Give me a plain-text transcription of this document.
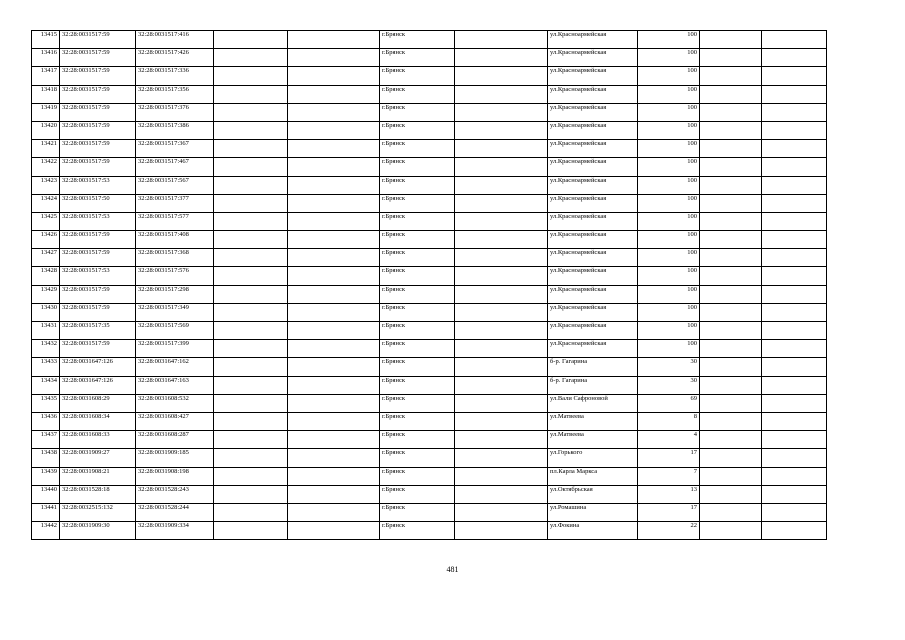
13415	32:28:0031517:59	32:28:0031517:416			г.Брянск		ул.Красноармейская	100		
13416	32:28:0031517:59	32:28:0031517:426			г.Брянск		ул.Красноармейская	100		
13417	32:28:0031517:59	32:28:0031517:336			г.Брянск		ул.Красноармейская	100		
13418	32:28:0031517:59	32:28:0031517:356			г.Брянск		ул.Красноармейская	100		
13419	32:28:0031517:59	32:28:0031517:376			г.Брянск		ул.Красноармейская	100		
13420	32:28:0031517:59	32:28:0031517:386			г.Брянск		ул.Красноармейская	100		
13421	32:28:0031517:59	32:28:0031517:367			г.Брянск		ул.Красноармейская	100		
13422	32:28:0031517:59	32:28:0031517:467			г.Брянск		ул.Красноармейская	100		
13423	32:28:0031517:53	32:28:0031517:567			г.Брянск		ул.Красноармейская	100		
13424	32:28:0031517:50	32:28:0031517:377			г.Брянск		ул.Красноармейская	100		
13425	32:28:0031517:53	32:28:0031517:577			г.Брянск		ул.Красноармейская	100		
13426	32:28:0031517:59	32:28:0031517:408			г.Брянск		ул.Красноармейская	100		
13427	32:28:0031517:59	32:28:0031517:368			г.Брянск		ул.Красноармейская	100		
13428	32:28:0031517:53	32:28:0031517:576			г.Брянск		ул.Красноармейская	100		
13429	32:28:0031517:59	32:28:0031517:298			г.Брянск		ул.Красноармейская	100		
13430	32:28:0031517:59	32:28:0031517:349			г.Брянск		ул.Красноармейская	100		
13431	32:28:0031517:35	32:28:0031517:569			г.Брянск		ул.Красноармейская	100		
13432	32:28:0031517:59	32:28:0031517:399			г.Брянск		ул.Красноармейская	100		
13433	32:28:0031647:126	32:28:0031647:162			г.Брянск		б-р. Гагарина	30		
13434	32:28:0031647:126	32:28:0031647:163			г.Брянск		б-р. Гагарина	30		
13435	32:28:0031608:29	32:28:0031608:532			г.Брянск		ул.Вали Сафроновой	69		
13436	32:28:0031608:34	32:28:0031608:427			г.Брянск		ул.Матвеева	8		
13437	32:28:0031608:33	32:28:0031608:287			г.Брянск		ул.Матвеева	4		
13438	32:28:0031909:27	32:28:0031909:185			г.Брянск		ул.Горького	17		
13439	32:28:0031908:21	32:28:0031908:198			г.Брянск		пл.Карла Маркса	7		
13440	32:28:0031528:18	32:28:0031528:243			г.Брянск		ул.Октябрьская	13		
13441	32:28:0032515:132	32:28:0031528:244			г.Брянск		ул.Ромашина	17		
13442	32:28:0031909:30	32:28:0031909:334			г.Брянск		ул.Фокина	22		
481
